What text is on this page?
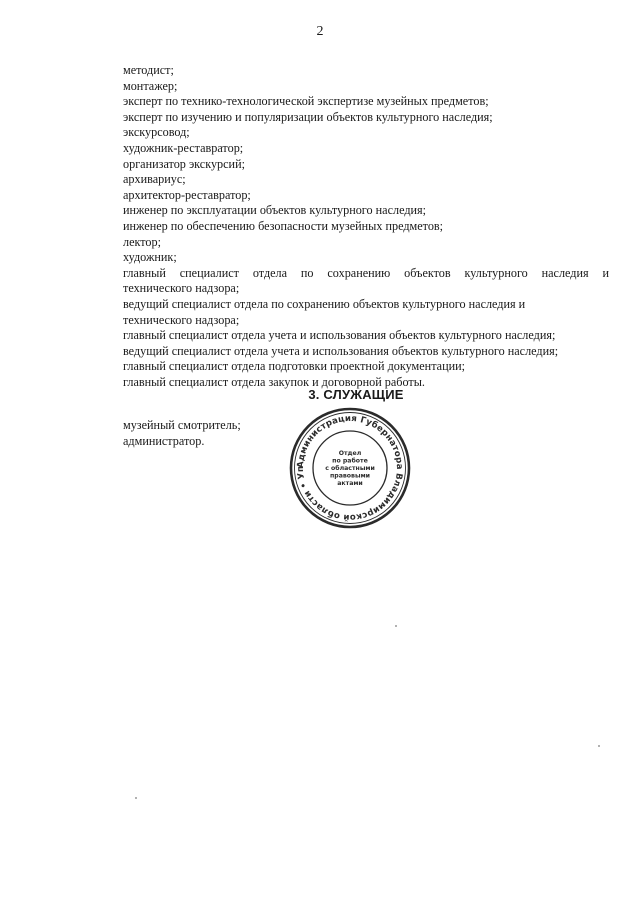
2
методист;
монтажер;
эксперт по технико-технологической экспертизе музейных предметов;
эксперт по изучению и популяризации объектов культурного наследия;
экскурсовод;
художник-реставратор;
организатор экскурсий;
архивариус;
архитектор-реставратор;
инженер по эксплуатации объектов культурного наследия;
инженер по обеспечению безопасности музейных предметов;
лектор;
художник;
главный специалист отдела по сохранению объектов культурного наследия и
технического надзора;
ведущий специалист отдела по сохранению объектов культурного наследия и
технического надзора;
главный специалист отдела учета и использования объектов культурного наследия;
ведущий специалист отдела учета и использования объектов культурного наследия;
главный специалист отдела подготовки проектной документации;
главный специалист отдела закупок и договорной работы.
3. СЛУЖАЩИЕ
музейный смотритель;
администратор.
Администрация Губернатора Владимирской области • Уп
Отдел
по работе
с областными
правовыми
актами
